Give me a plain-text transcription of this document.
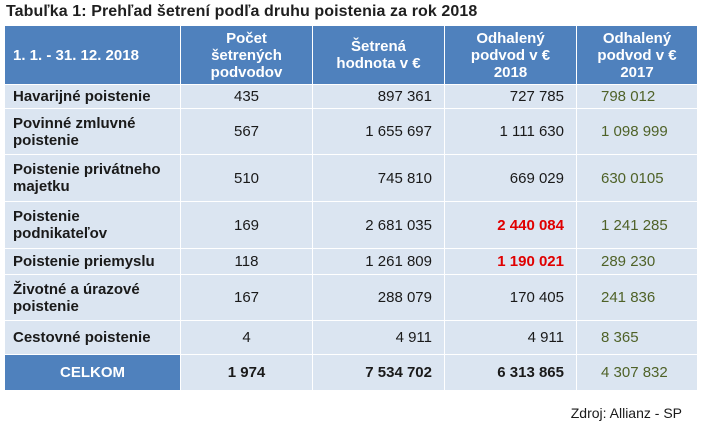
Tabuľka 1: Prehľad šetrení podľa druhu poistenia za rok 2018
1. 1. - 31. 12. 2018	Počet šetrených podvodov	Šetrená hodnota v €	Odhalený podvod v € 2018	Odhalený podvod v € 2017
Havarijné poistenie	435	897 361	727 785	798 012
Povinné zmluvné poistenie	567	1 655 697	1 111 630	1 098 999
Poistenie privátneho majetku	510	745 810	669 029	630 0105
Poistenie podnikateľov	169	2 681 035	2 440 084	1 241 285
Poistenie priemyslu	118	1 261 809	1 190 021	289 230
Životné a úrazové poistenie	167	288 079	170 405	241 836
Cestovné poistenie	4	4 911	4 911	8 365
CELKOM	1 974	7 534 702	6 313 865	4 307 832
Zdroj: Allianz - SP
